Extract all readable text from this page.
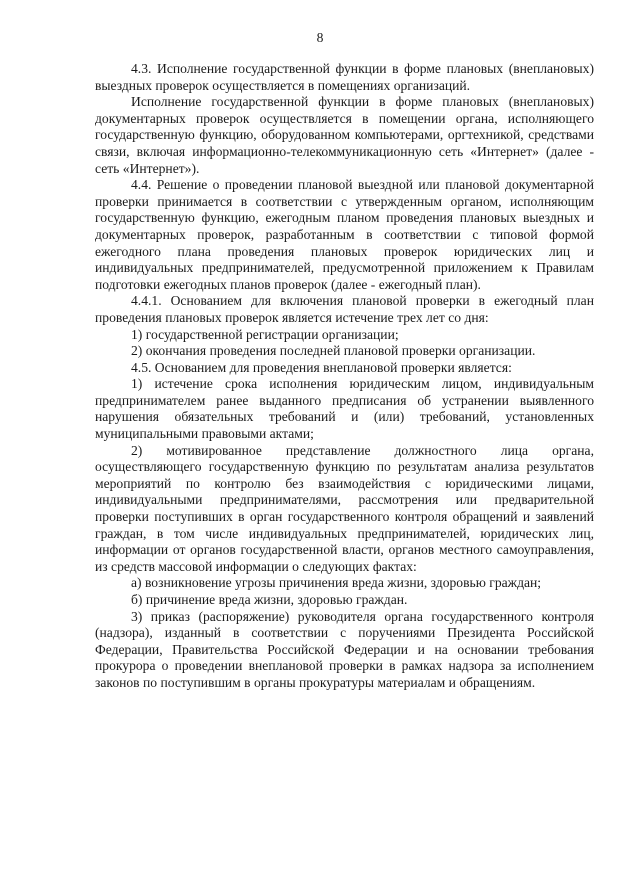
8

4.3. Исполнение государственной функции в форме плановых (внеплановых) выездных проверок осуществляется в помещениях организаций.

Исполнение государственной функции в форме плановых (внеплановых) документарных проверок осуществляется в помещении органа, исполняющего государственную функцию, оборудованном компьютерами, оргтехникой, средствами связи, включая информационно-телекоммуникационную сеть «Интернет» (далее - сеть «Интернет»).

4.4. Решение о проведении плановой выездной или плановой документарной проверки принимается в соответствии с утвержденным органом, исполняющим государственную функцию, ежегодным планом проведения плановых выездных и документарных проверок, разработанным в соответствии с типовой формой ежегодного плана проведения плановых проверок юридических лиц и индивидуальных предпринимателей, предусмотренной приложением к Правилам подготовки ежегодных планов проверок (далее - ежегодный план).

4.4.1. Основанием для включения плановой проверки в ежегодный план проведения плановых проверок является истечение трех лет со дня:

1) государственной регистрации организации;

2) окончания проведения последней плановой проверки организации.

4.5. Основанием для проведения внеплановой проверки является:

1) истечение срока исполнения юридическим лицом, индивидуальным предпринимателем ранее выданного предписания об устранении выявленного нарушения обязательных требований и (или) требований, установленных муниципальными правовыми актами;

2) мотивированное представление должностного лица органа, осуществляющего государственную функцию по результатам анализа результатов мероприятий по контролю без взаимодействия с юридическими лицами, индивидуальными предпринимателями, рассмотрения или предварительной проверки поступивших в орган государственного контроля обращений и заявлений граждан, в том числе индивидуальных предпринимателей, юридических лиц, информации от органов государственной власти, органов местного самоуправления, из средств массовой информации о следующих фактах:

а) возникновение угрозы причинения вреда жизни, здоровью граждан;

б) причинение вреда жизни, здоровью граждан.

3) приказ (распоряжение) руководителя органа государственного контроля (надзора), изданный в соответствии с поручениями Президента Российской Федерации, Правительства Российской Федерации и на основании требования прокурора о проведении внеплановой проверки в рамках надзора за исполнением законов по поступившим в органы прокуратуры материалам и обращениям.
